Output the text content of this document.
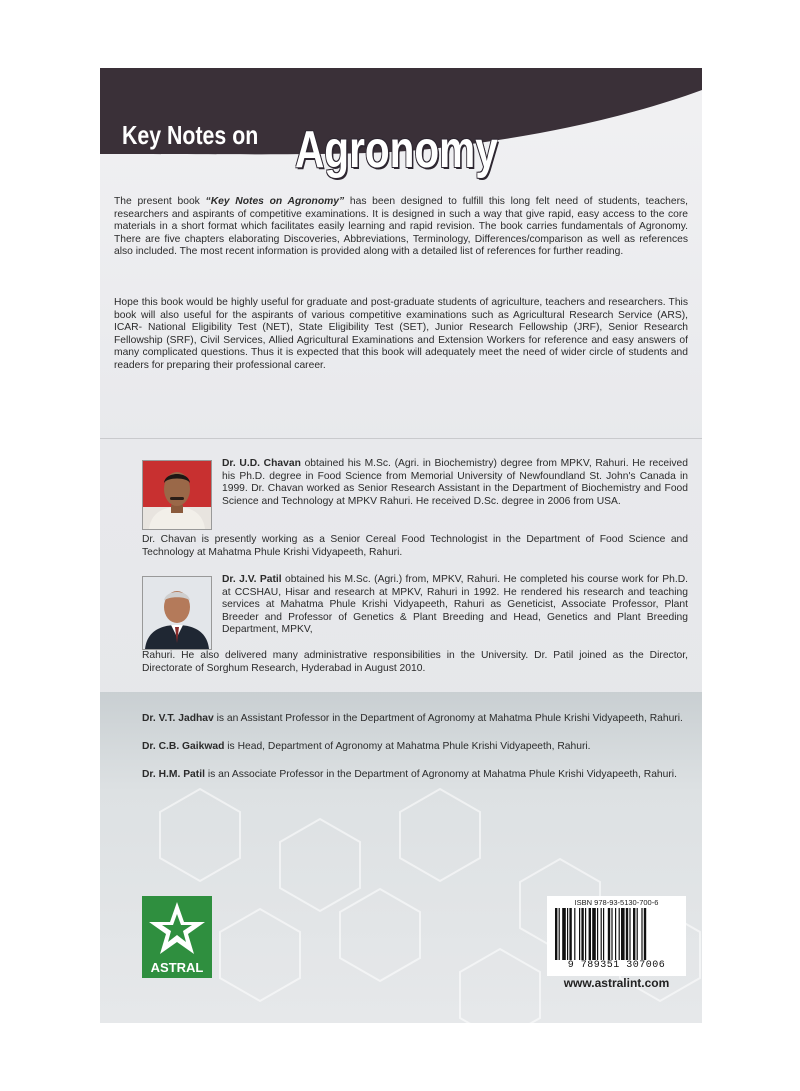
Key Notes on Agronomy

The present book “Key Notes on Agronomy” has been designed to fulfill this long felt need of students, teachers, researchers and aspirants of competitive examinations. It is designed in such a way that give rapid, easy access to the core materials in a short format which facilitates easily learning and rapid revision. The book carries fundamentals of Agronomy. There are five chapters elaborating Discoveries, Abbreviations, Terminology, Differences/comparison as well as references also included. The most recent information is provided along with a detailed list of references for further reading.

Hope this book would be highly useful for graduate and post-graduate students of agriculture, teachers and researchers. This book will also useful for the aspirants of various competitive examinations such as Agricultural Research Service (ARS), ICAR- National Eligibility Test (NET), State Eligibility Test (SET), Junior Research Fellowship (JRF), Senior Research Fellowship (SRF), Civil Services, Allied Agricultural Examinations and Extension Workers for reference and easy answers of many complicated questions. Thus it is expected that this book will adequately meet the need of wider circle of students and readers for preparing their professional career.

Dr. U.D. Chavan obtained his M.Sc. (Agri. in Biochemistry) degree from MPKV, Rahuri. He received his Ph.D. degree in Food Science from Memorial University of Newfoundland St. John's Canada in 1999. Dr. Chavan worked as Senior Research Assistant in the Department of Biochemistry and Food Science and Technology at MPKV Rahuri. He received D.Sc. degree in 2006 from USA.

Dr. Chavan is presently working as a Senior Cereal Food Technologist in the Department of Food Science and Technology at Mahatma Phule Krishi Vidyapeeth, Rahuri.

Dr. J.V. Patil obtained his M.Sc. (Agri.) from, MPKV, Rahuri. He completed his course work for Ph.D. at CCSHAU, Hisar and research at MPKV, Rahuri in 1992. He rendered his research and teaching services at Mahatma Phule Krishi Vidyapeeth, Rahuri as Geneticist, Associate Professor, Plant Breeder and Professor of Genetics & Plant Breeding and Head, Genetics and Plant Breeding Department, MPKV,

Rahuri. He also delivered many administrative responsibilities in the University. Dr. Patil joined as the Director, Directorate of Sorghum Research, Hyderabad in August 2010.

Dr. V.T. Jadhav is an Assistant Professor in the Department of Agronomy at Mahatma Phule Krishi Vidyapeeth, Rahuri.

Dr. C.B. Gaikwad is Head, Department of Agronomy at Mahatma Phule Krishi Vidyapeeth, Rahuri.

Dr. H.M. Patil is an Associate Professor in the Department of Agronomy at Mahatma Phule Krishi Vidyapeeth, Rahuri.

ASTRAL
ISBN 978-93-5130-700-6
9 789351 307006
www.astralint.com
